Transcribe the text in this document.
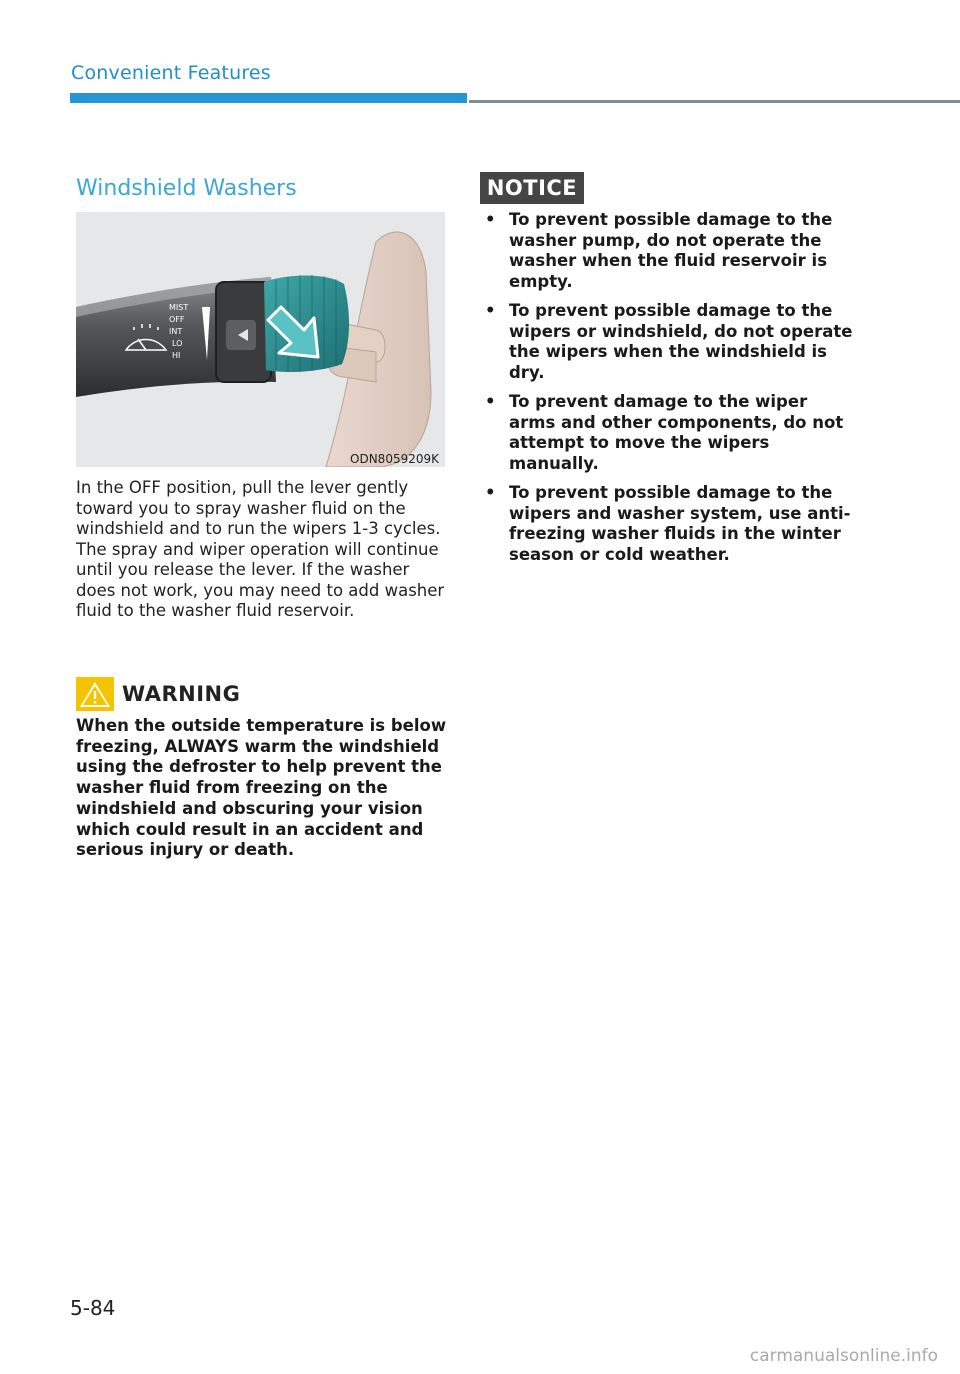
Convenient Features
Windshield Washers
MIST
OFF
INT
LO
HI
ODN8059209K

In the OFF position, pull the lever gently toward you to spray washer fluid on the windshield and to run the wipers 1-3 cycles. The spray and wiper operation will continue until you release the lever. If the washer does not work, you may need to add washer fluid to the washer fluid reservoir.

WARNING

When the outside temperature is below freezing, ALWAYS warm the windshield using the defroster to help prevent the washer fluid from freezing on the windshield and obscuring your vision which could result in an accident and serious injury or death.

NOTICE
• To prevent possible damage to the washer pump, do not operate the washer when the fluid reservoir is empty.
• To prevent possible damage to the wipers or windshield, do not operate the wipers when the windshield is dry.
• To prevent damage to the wiper arms and other components, do not attempt to move the wipers manually.
• To prevent possible damage to the wipers and washer system, use anti-freezing washer fluids in the winter season or cold weather.
5-84
carmanualsonline.info
